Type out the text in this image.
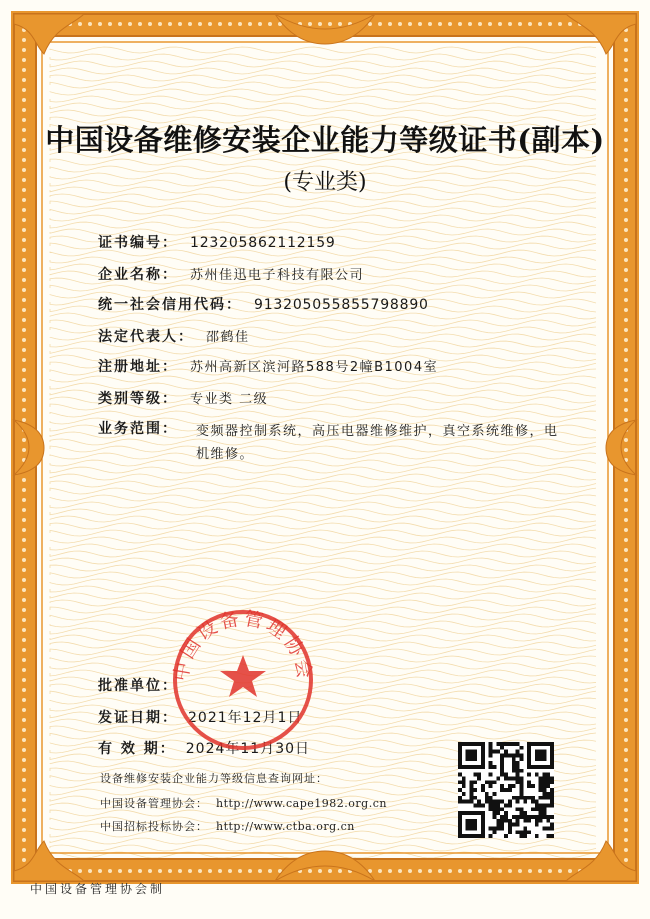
中国设备维修安装企业能力等级证书(副本)
(专业类)
证书编号： 123205862112159
企业名称： 苏州佳迅电子科技有限公司
统一社会信用代码： 913205055855798890
法定代表人： 邵鹤佳
注册地址： 苏州高新区滨河路588号2幢B1004室
类别等级： 专业类 二级
业务范围： 变频器控制系统，高压电器维修维护，真空系统维修，电机维修。
批准单位：
发证日期： 2021年12月1日
有 效 期： 2024年11月30日
中国设备管理协会
设备维修安装企业能力等级信息查询网址：
中国设备管理协会： http://www.cape1982.org.cn
中国招标投标协会： http://www.ctba.org.cn
中国设备管理协会制
